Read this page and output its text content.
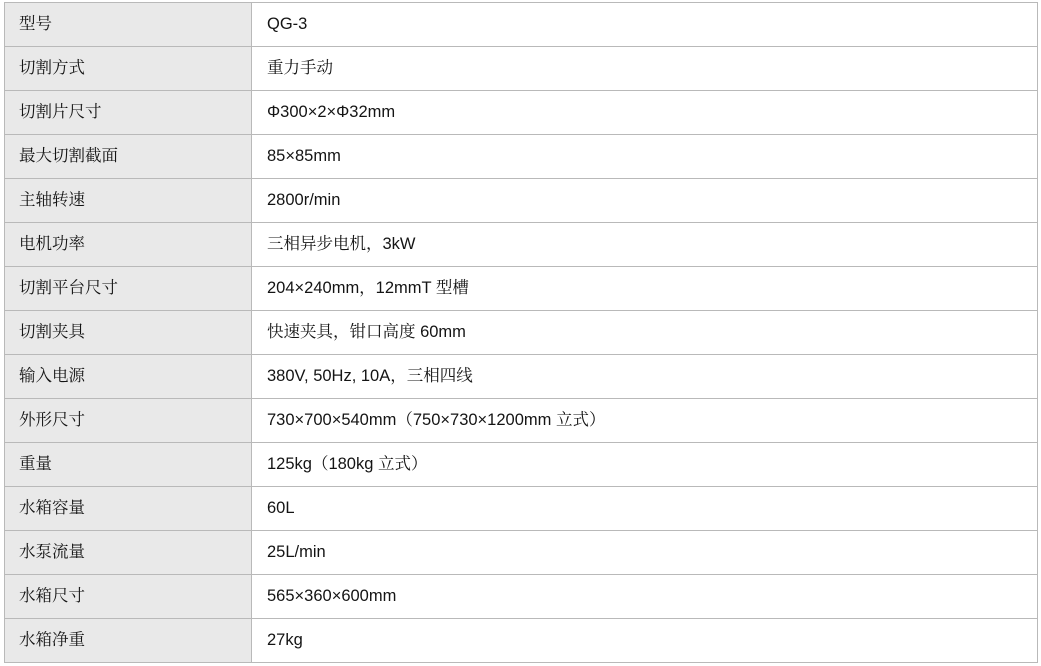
型号	QG-3
切割方式	重力手动
切割片尺寸	Φ300×2×Φ32mm
最大切割截面	85×85mm
主轴转速	2800r/min
电机功率	三相异步电机，3kW
切割平台尺寸	204×240mm，12mmT 型槽
切割夹具	快速夹具，钳口高度 60mm
输入电源	380V, 50Hz, 10A，三相四线
外形尺寸	730×700×540mm（750×730×1200mm 立式）
重量	125kg（180kg 立式）
水箱容量	60L
水泵流量	25L/min
水箱尺寸	565×360×600mm
水箱净重	27kg
